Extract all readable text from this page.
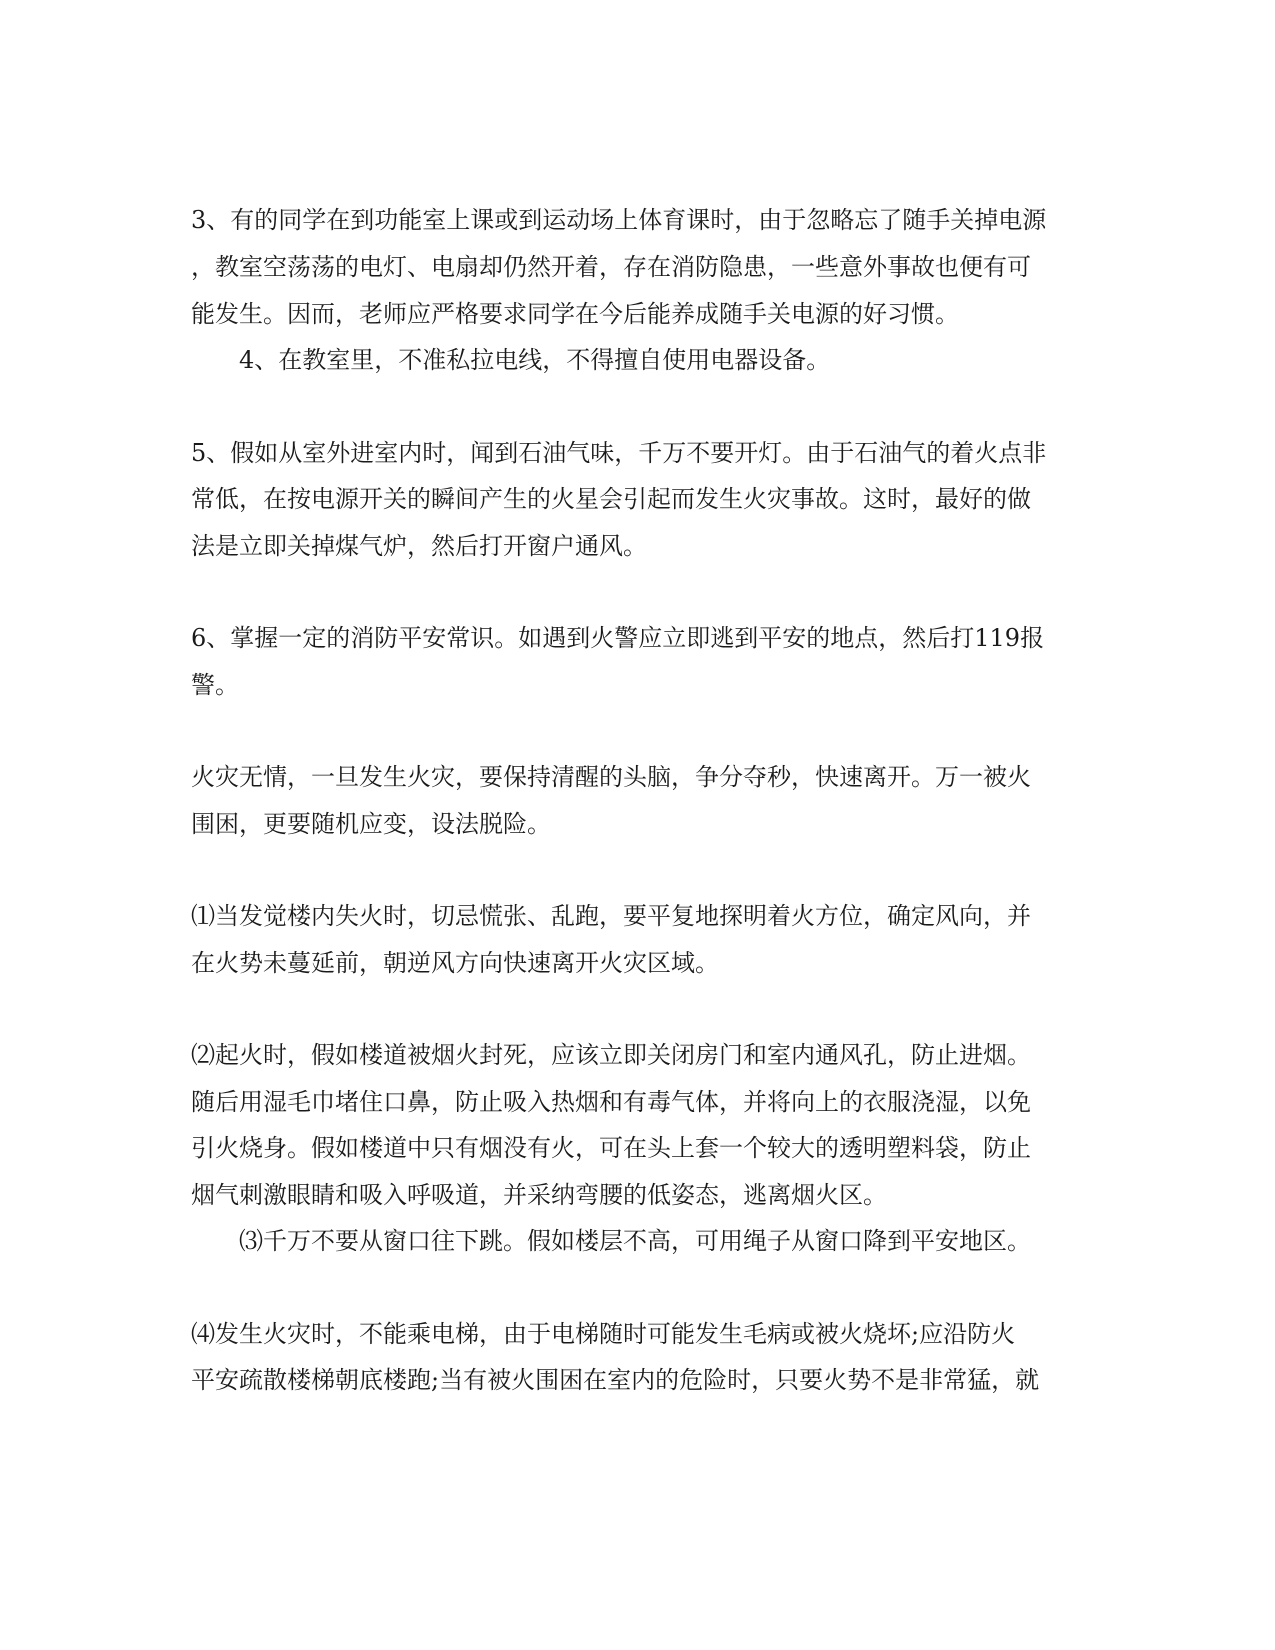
3、有的同学在到功能室上课或到运动场上体育课时，由于忽略忘了随手关掉电源
，教室空荡荡的电灯、电扇却仍然开着，存在消防隐患，一些意外事故也便有可
能发生。因而，老师应严格要求同学在今后能养成随手关电源的好习惯。
4、在教室里，不准私拉电线，不得擅自使用电器设备。
5、假如从室外进室内时，闻到石油气味，千万不要开灯。由于石油气的着火点非
常低，在按电源开关的瞬间产生的火星会引起而发生火灾事故。这时，最好的做
法是立即关掉煤气炉，然后打开窗户通风。
6、掌握一定的消防平安常识。如遇到火警应立即逃到平安的地点，然后打119报
警。
火灾无情，一旦发生火灾，要保持清醒的头脑，争分夺秒，快速离开。万一被火
围困，更要随机应变，设法脱险。
⑴当发觉楼内失火时，切忌慌张、乱跑，要平复地探明着火方位，确定风向，并
在火势未蔓延前，朝逆风方向快速离开火灾区域。
⑵起火时，假如楼道被烟火封死，应该立即关闭房门和室内通风孔，防止进烟。
随后用湿毛巾堵住口鼻，防止吸入热烟和有毒气体，并将向上的衣服浇湿，以免
引火烧身。假如楼道中只有烟没有火，可在头上套一个较大的透明塑料袋，防止
烟气刺激眼睛和吸入呼吸道，并采纳弯腰的低姿态，逃离烟火区。
⑶千万不要从窗口往下跳。假如楼层不高，可用绳子从窗口降到平安地区。
⑷发生火灾时，不能乘电梯，由于电梯随时可能发生毛病或被火烧坏;应沿防火
平安疏散楼梯朝底楼跑;当有被火围困在室内的危险时，只要火势不是非常猛，就
